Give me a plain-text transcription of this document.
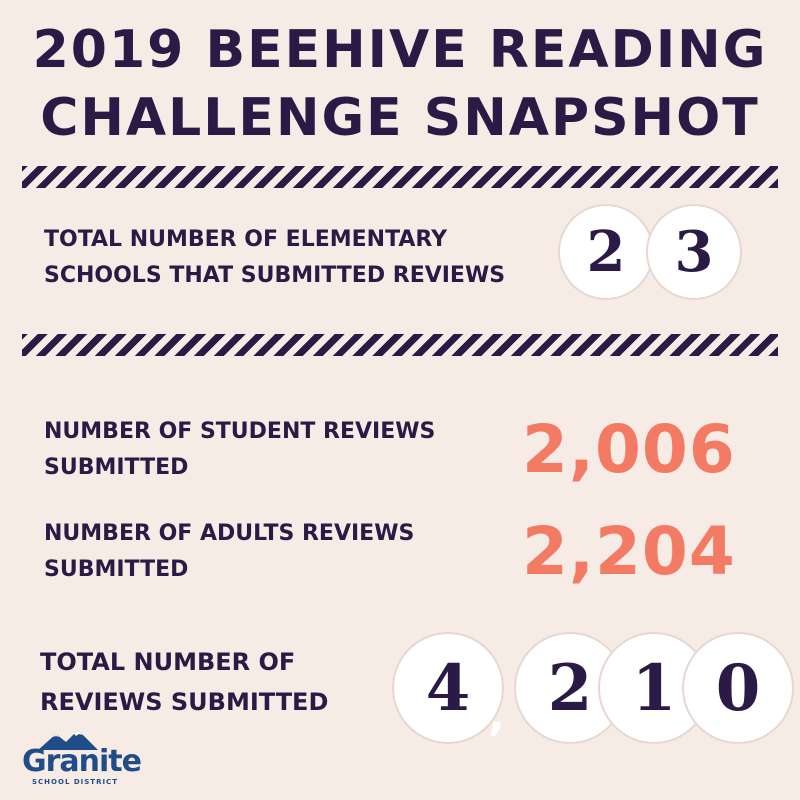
2019 BEEHIVE READING
CHALLENGE SNAPSHOT
TOTAL NUMBER OF ELEMENTARY
SCHOOLS THAT SUBMITTED REVIEWS	2 3
NUMBER OF STUDENT REVIEWS
SUBMITTED	2,006
NUMBER OF ADULTS REVIEWS
SUBMITTED	2,204
TOTAL NUMBER OF
REVIEWS SUBMITTED	4 , 2 1 0
Granite
SCHOOL DISTRICT
